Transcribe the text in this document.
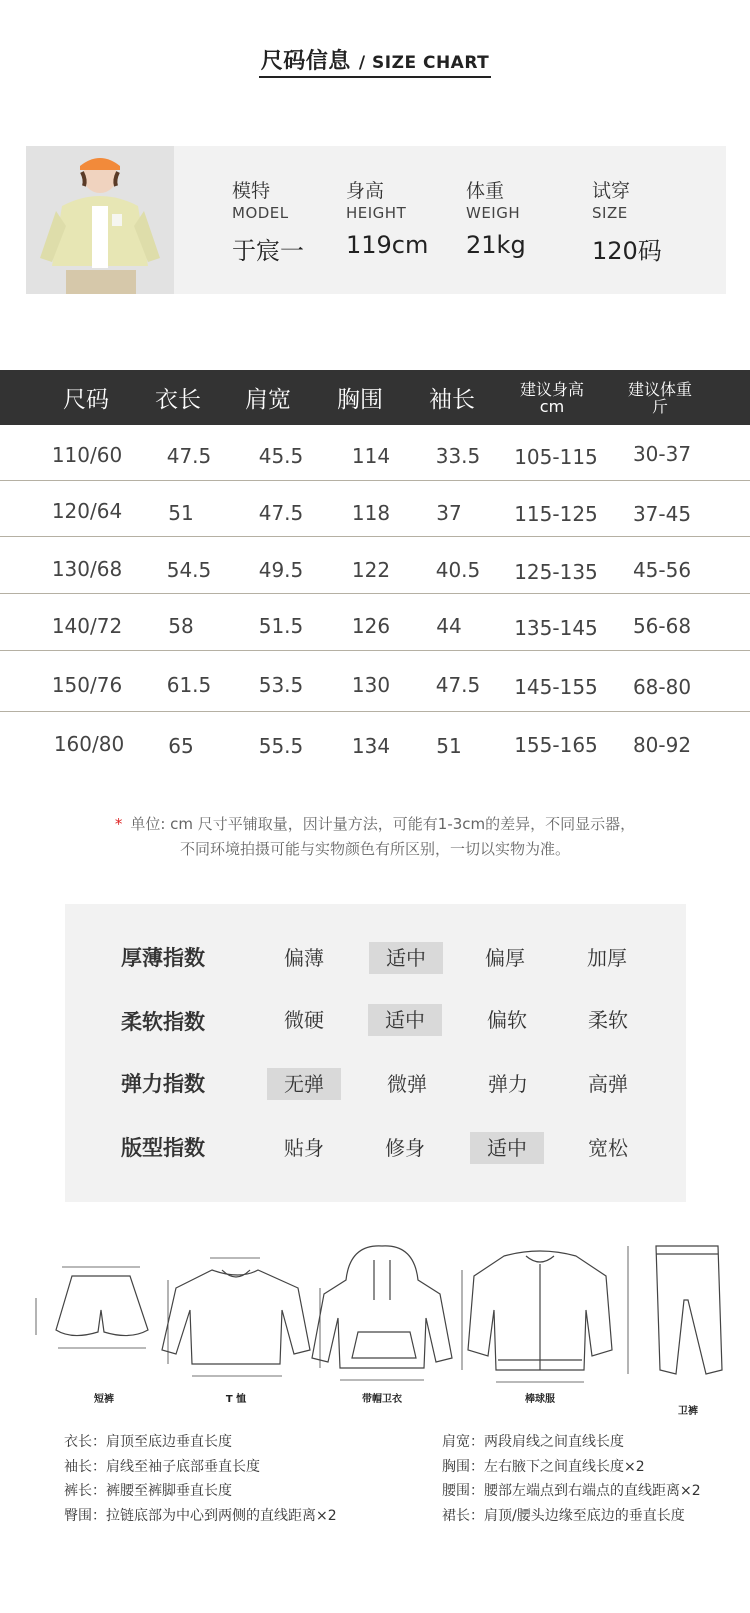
尺码信息 / SIZE CHART
模特
MODEL
于宸一
身高
HEIGHT
119cm
体重
WEIGH
21kg
试穿
SIZE
120码
尺码	衣长	肩宽	胸围	袖长	建议身高
cm
建议体重
斤
110/60 47.5 45.5 114 33.5 105-115 30-37
120/64 51	47.5 118 37	115-125 37-45
130/68 54.5 49.5 122 40.5 125-135 45-56
140/72 58	51.5 126 44	135-145 56-68
150/76 61.5 53.5 130 47.5 145-155 68-80
160/80 65	55.5 134 51	155-165 80-92
* 单位: cm 尺寸平铺取量，因计量方法，可能有1-3cm的差异，不同显示器，
不同环境拍摄可能与实物颜色有所区别，一切以实物为准。
厚薄指数	偏薄	适中	偏厚	加厚
柔软指数	微硬	适中	偏软	柔软
弹力指数	无弹	微弹	弹力	高弹
版型指数	贴身	修身	适中	宽松
短裤	T 恤	带帽卫衣	棒球服
卫裤
衣长：肩顶至底边垂直长度
袖长：肩线至袖子底部垂直长度
裤长：裤腰至裤脚垂直长度
臀围：拉链底部为中心到两侧的直线距离×2
肩宽：两段肩线之间直线长度
胸围：左右腋下之间直线长度×2
腰围：腰部左端点到右端点的直线距离×2
裙长：肩顶/腰头边缘至底边的垂直长度
